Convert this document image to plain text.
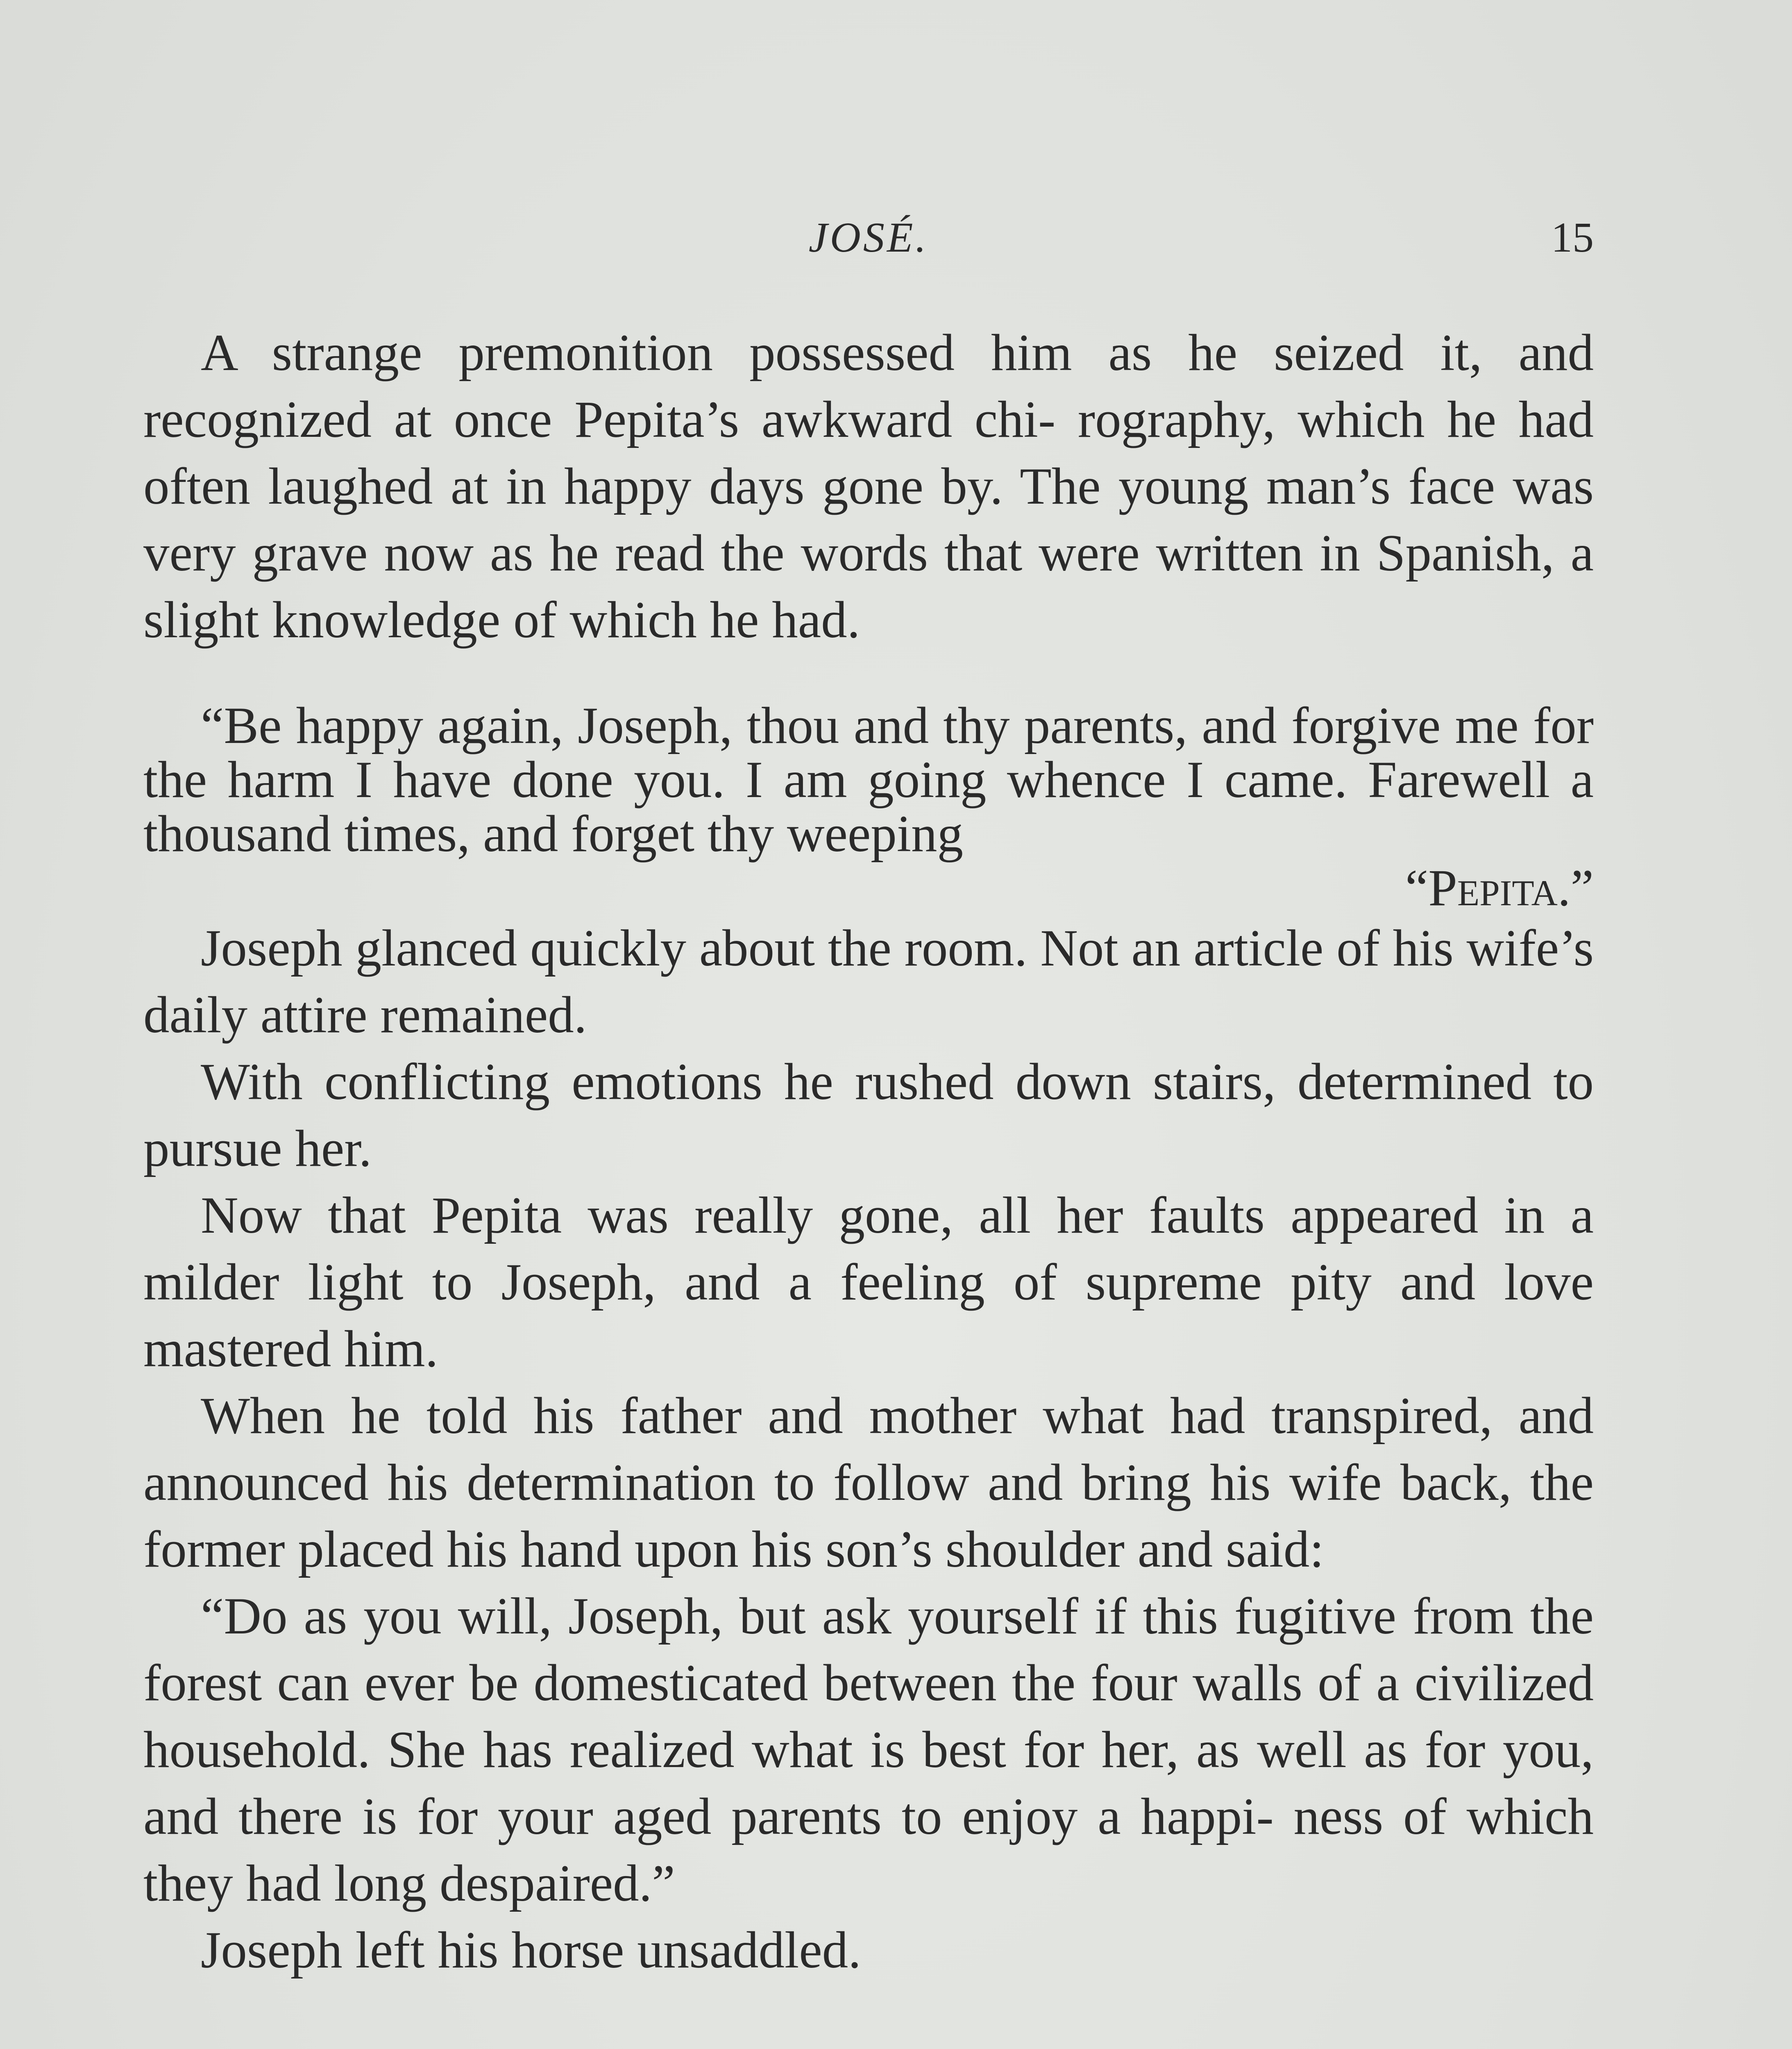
JOSÉ.	15

A strange premonition possessed him as he seized it, and recognized at once Pepita’s awkward chi- rography, which he had often laughed at in happy days gone by. The young man’s face was very grave now as he read the words that were written in Spanish, a slight knowledge of which he had.

“Be happy again, Joseph, thou and thy parents, and forgive me for the harm I have done you. I am going whence I came. Farewell a thousand times, and forget thy weeping

“Pepita.”

Joseph glanced quickly about the room. Not an article of his wife’s daily attire remained.

With conflicting emotions he rushed down stairs, determined to pursue her.

Now that Pepita was really gone, all her faults appeared in a milder light to Joseph, and a feeling of supreme pity and love mastered him.

When he told his father and mother what had transpired, and announced his determination to follow and bring his wife back, the former placed his hand upon his son’s shoulder and said:

“Do as you will, Joseph, but ask yourself if this fugitive from the forest can ever be domesticated between the four walls of a civilized household. She has realized what is best for her, as well as for you, and there is for your aged parents to enjoy a happi- ness of which they had long despaired.”

Joseph left his horse unsaddled.
